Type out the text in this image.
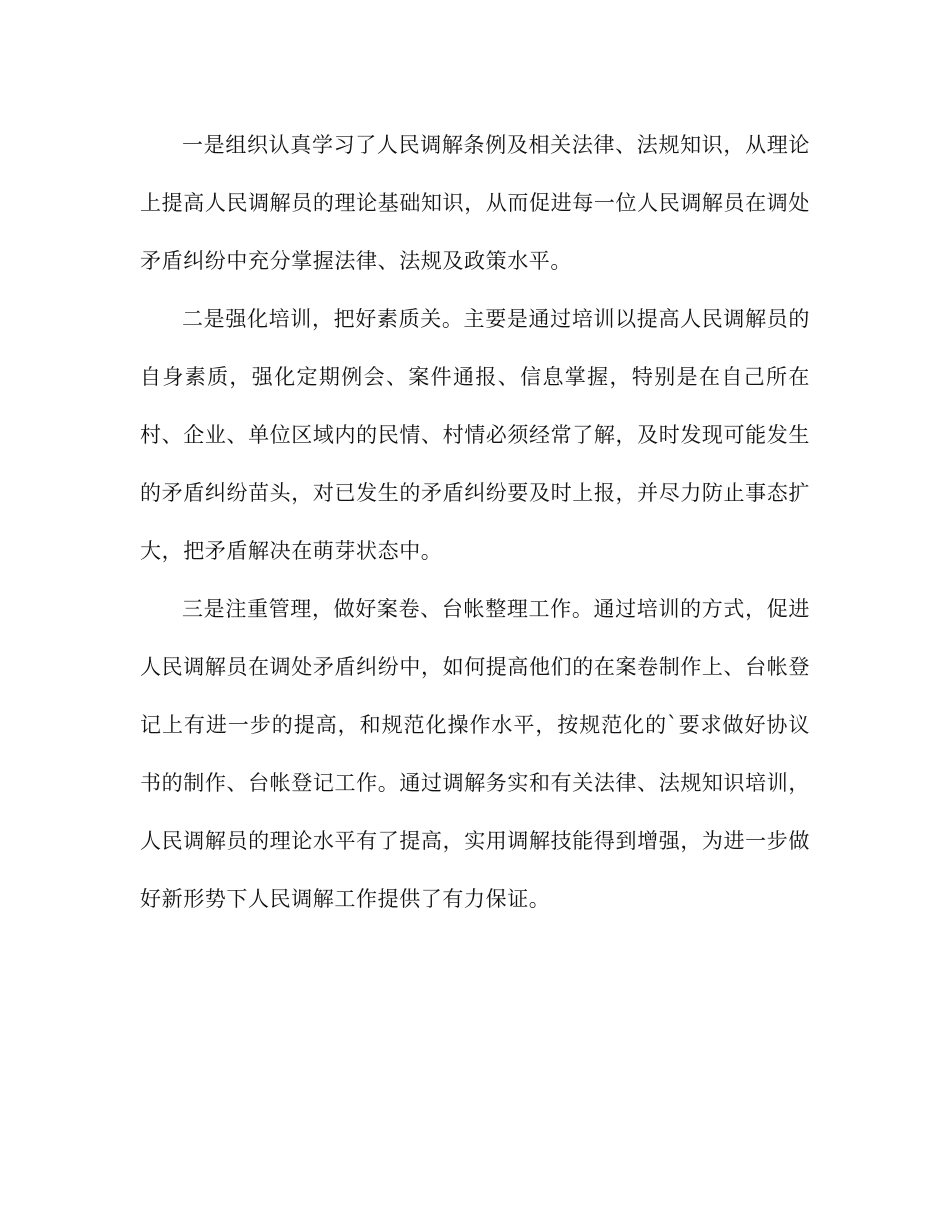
一是组织认真学习了人民调解条例及相关法律、法规知识，从理论上提高人民调解员的理论基础知识，从而促进每一位人民调解员在调处矛盾纠纷中充分掌握法律、法规及政策水平。

二是强化培训，把好素质关。主要是通过培训以提高人民调解员的自身素质，强化定期例会、案件通报、信息掌握，特别是在自己所在村、企业、单位区域内的民情、村情必须经常了解，及时发现可能发生的矛盾纠纷苗头，对已发生的矛盾纠纷要及时上报，并尽力防止事态扩大，把矛盾解决在萌芽状态中。

三是注重管理，做好案卷、台帐整理工作。通过培训的方式，促进人民调解员在调处矛盾纠纷中，如何提高他们的在案卷制作上、台帐登记上有进一步的提高，和规范化操作水平，按规范化的`要求做好协议书的制作、台帐登记工作。通过调解务实和有关法律、法规知识培训，人民调解员的理论水平有了提高，实用调解技能得到增强，为进一步做好新形势下人民调解工作提供了有力保证。
